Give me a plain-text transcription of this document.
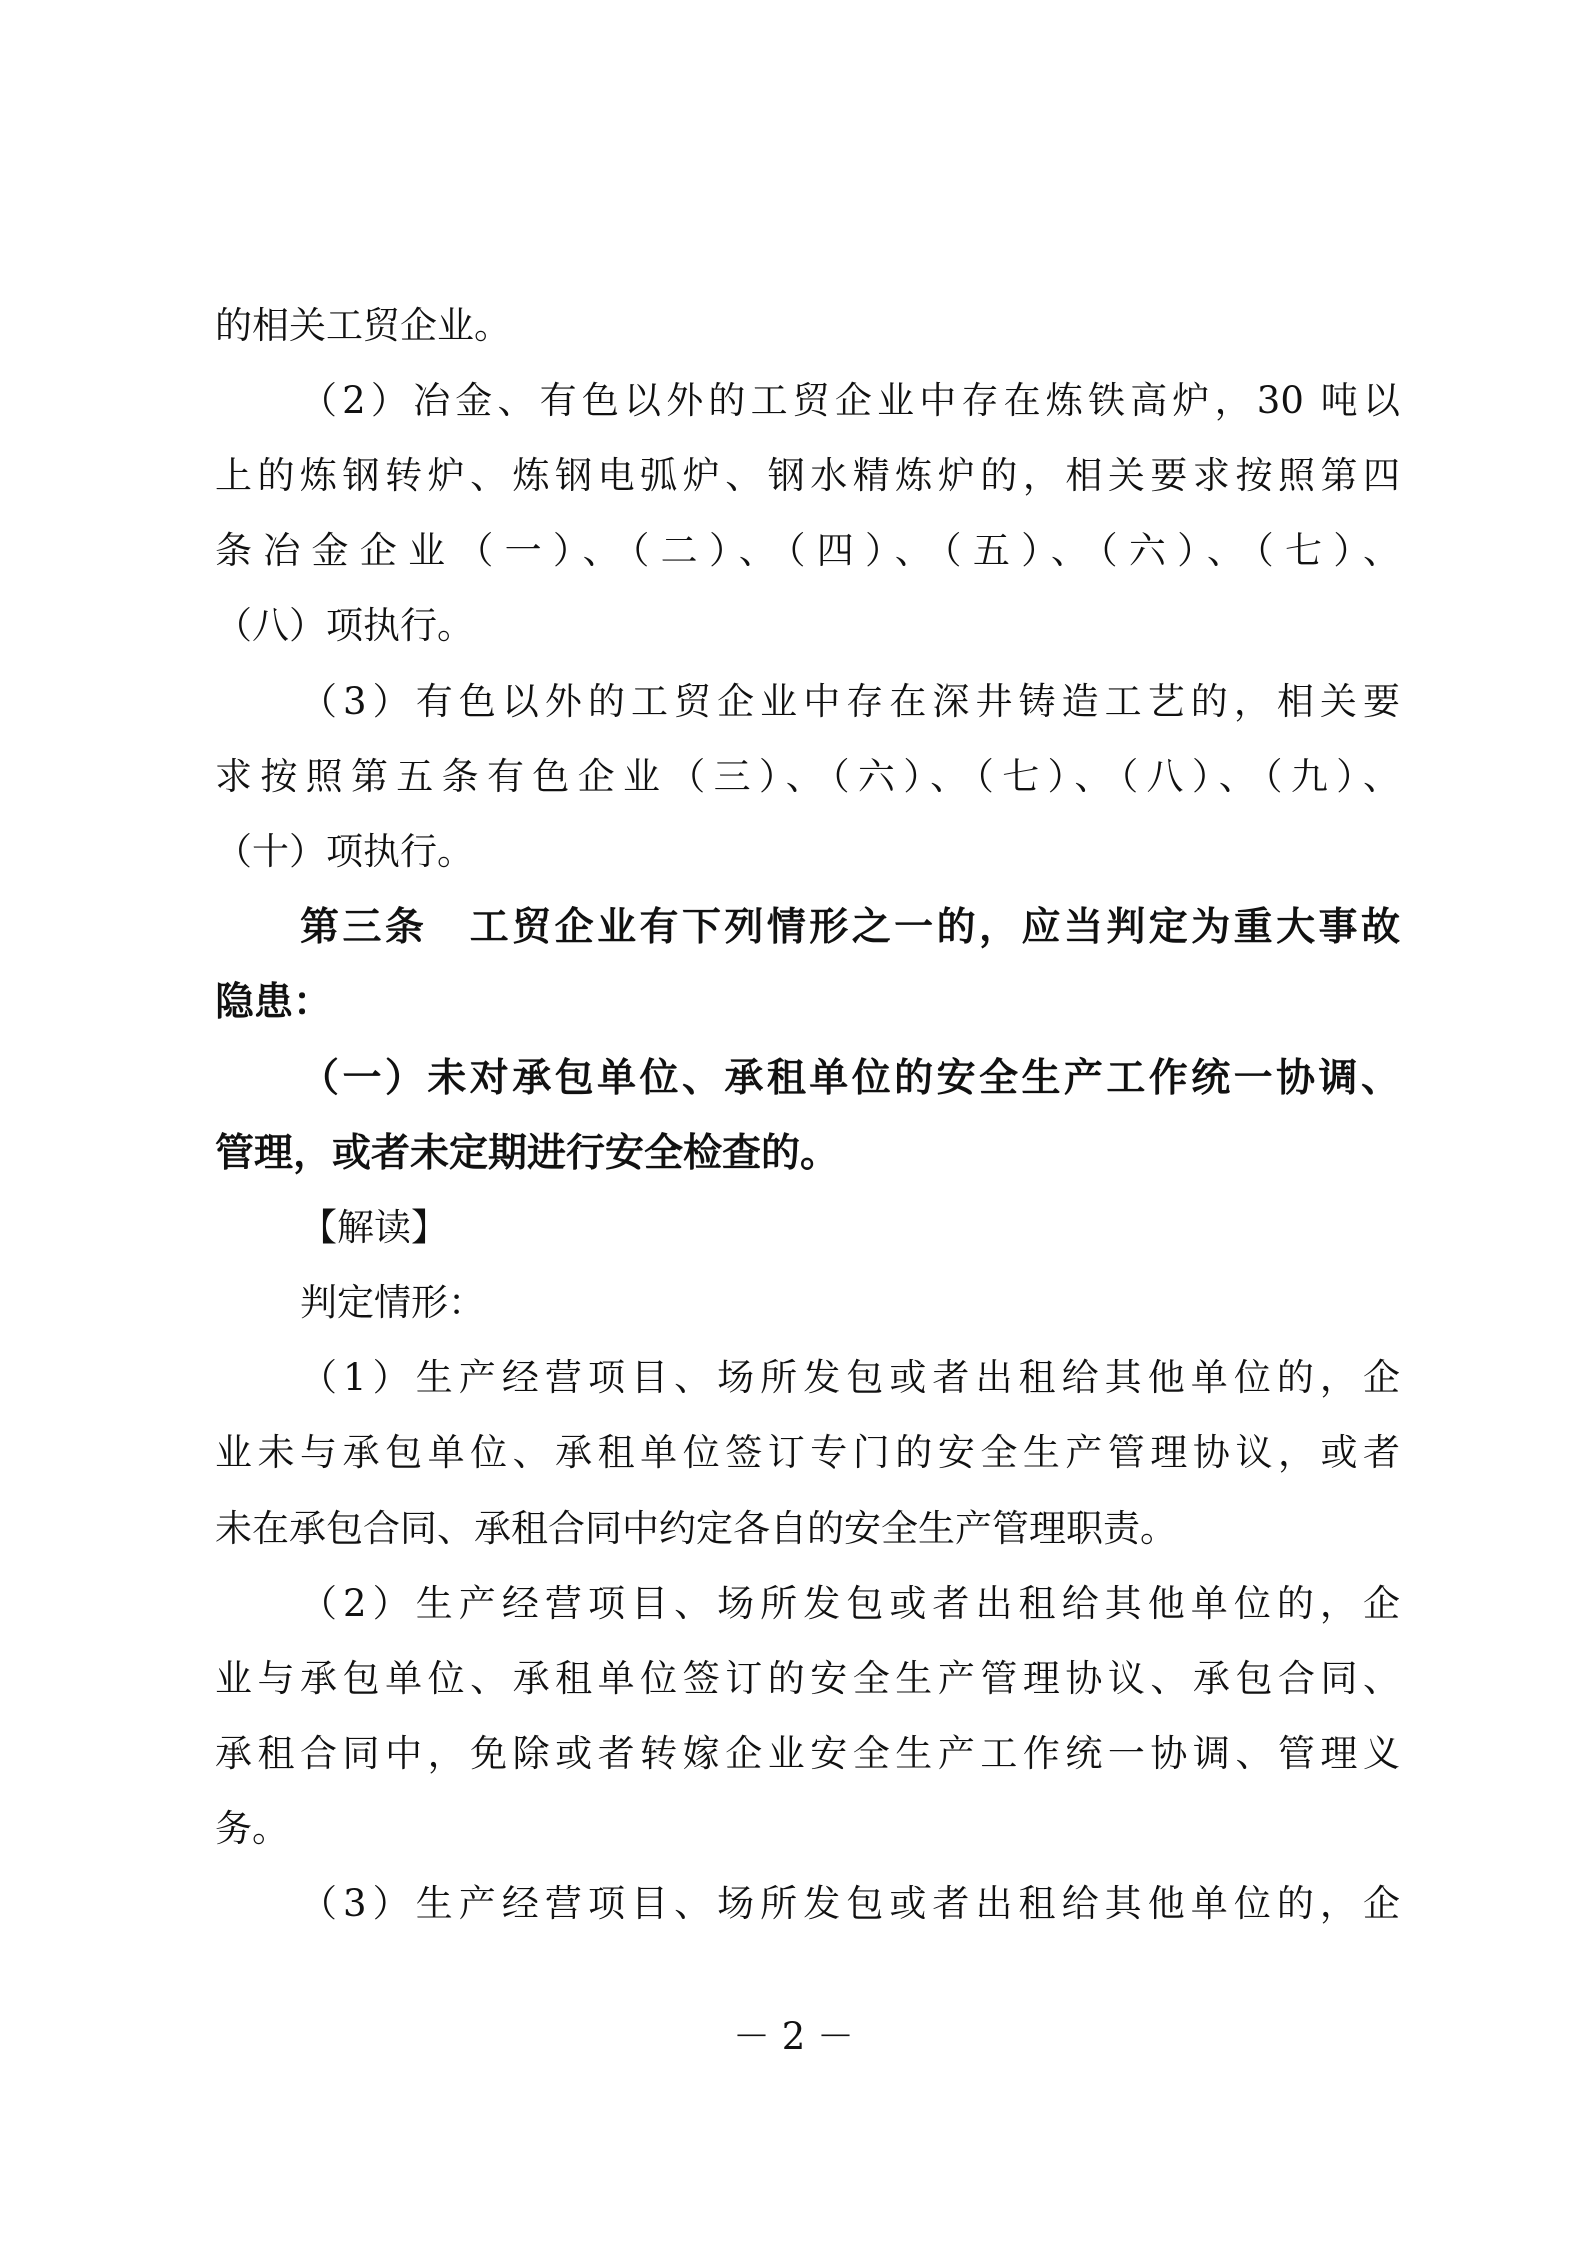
的相关工贸企业。
（2）冶金、有色以外的工贸企业中存在炼铁高炉，30 吨以
上的炼钢转炉、炼钢电弧炉、钢水精炼炉的，相关要求按照第四
条冶金企业（一）、（二）、（四）、（五）、（六）、（七）、
（八）项执行。
（3）有色以外的工贸企业中存在深井铸造工艺的，相关要
求按照第五条有色企业（三）、（六）、（七）、（八）、（九）、
（十）项执行。
第三条　工贸企业有下列情形之一的，应当判定为重大事故
隐患：
（一）未对承包单位、承租单位的安全生产工作统一协调、
管理，或者未定期进行安全检查的。
【解读】
判定情形：
（1）生产经营项目、场所发包或者出租给其他单位的，企
业未与承包单位、承租单位签订专门的安全生产管理协议，或者
未在承包合同、承租合同中约定各自的安全生产管理职责。
（2）生产经营项目、场所发包或者出租给其他单位的，企
业与承包单位、承租单位签订的安全生产管理协议、承包合同、
承租合同中，免除或者转嫁企业安全生产工作统一协调、管理义
务。
（3）生产经营项目、场所发包或者出租给其他单位的，企
－ 2 －
